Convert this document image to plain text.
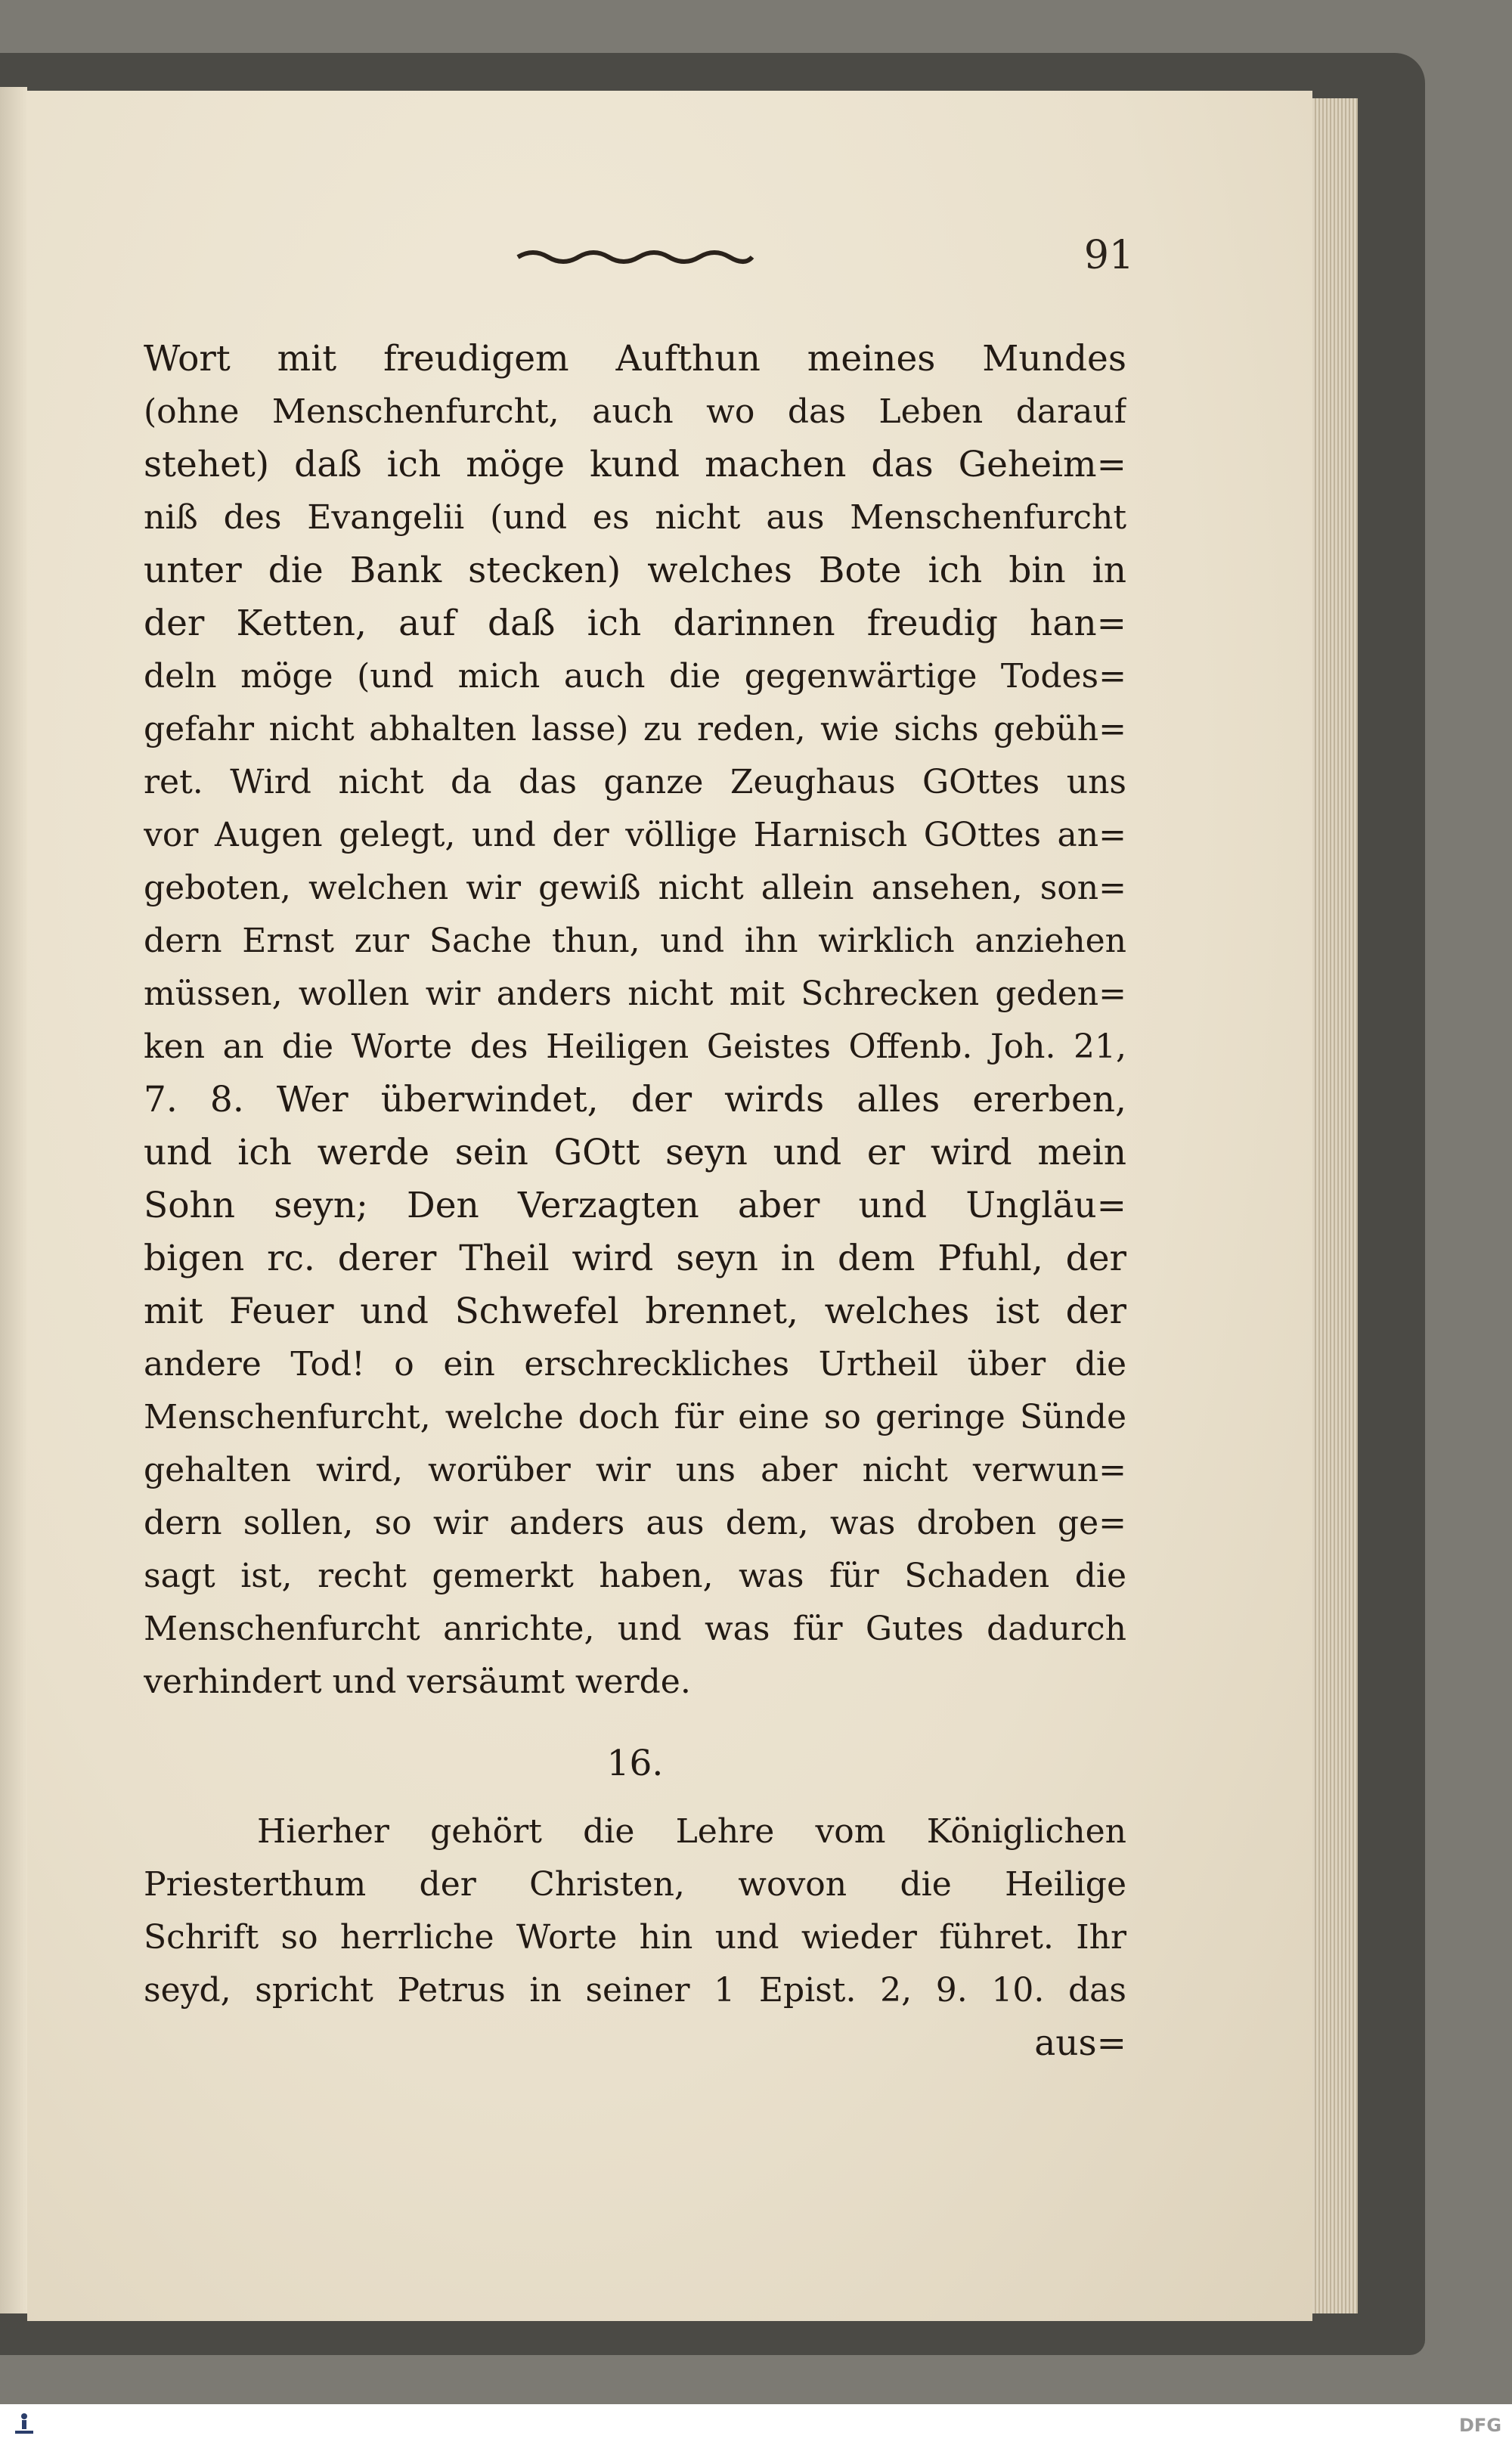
91
Wort mit freudigem Aufthun meines Mundes
(ohne Menschenfurcht, auch wo das Leben darauf
stehet) daß ich möge kund machen das Geheim=
niß des Evangelii (und es nicht aus Menschenfurcht
unter die Bank stecken) welches Bote ich bin in
der Ketten, auf daß ich darinnen freudig han=
deln möge (und mich auch die gegenwärtige Todes=
gefahr nicht abhalten lasse) zu reden, wie sichs gebüh=
ret. Wird nicht da das ganze Zeughaus GOttes uns
vor Augen gelegt, und der völlige Harnisch GOttes an=
geboten, welchen wir gewiß nicht allein ansehen, son=
dern Ernst zur Sache thun, und ihn wirklich anziehen
müssen, wollen wir anders nicht mit Schrecken geden=
ken an die Worte des Heiligen Geistes Offenb. Joh. 21,
7. 8. Wer überwindet, der wirds alles ererben,
und ich werde sein GOtt seyn und er wird mein
Sohn seyn; Den Verzagten aber und Ungläu=
bigen rc. derer Theil wird seyn in dem Pfuhl, der
mit Feuer und Schwefel brennet, welches ist der
andere Tod! o ein erschreckliches Urtheil über die
Menschenfurcht, welche doch für eine so geringe Sünde
gehalten wird, worüber wir uns aber nicht verwun=
dern sollen, so wir anders aus dem, was droben ge=
sagt ist, recht gemerkt haben, was für Schaden die
Menschenfurcht anrichte, und was für Gutes dadurch
verhindert und versäumt werde.
16.
Hierher gehört die Lehre vom Königlichen
Priesterthum der Christen, wovon die Heilige
Schrift so herrliche Worte hin und wieder führet. Ihr
seyd, spricht Petrus in seiner 1 Epist. 2, 9. 10. das
aus=
DFG
